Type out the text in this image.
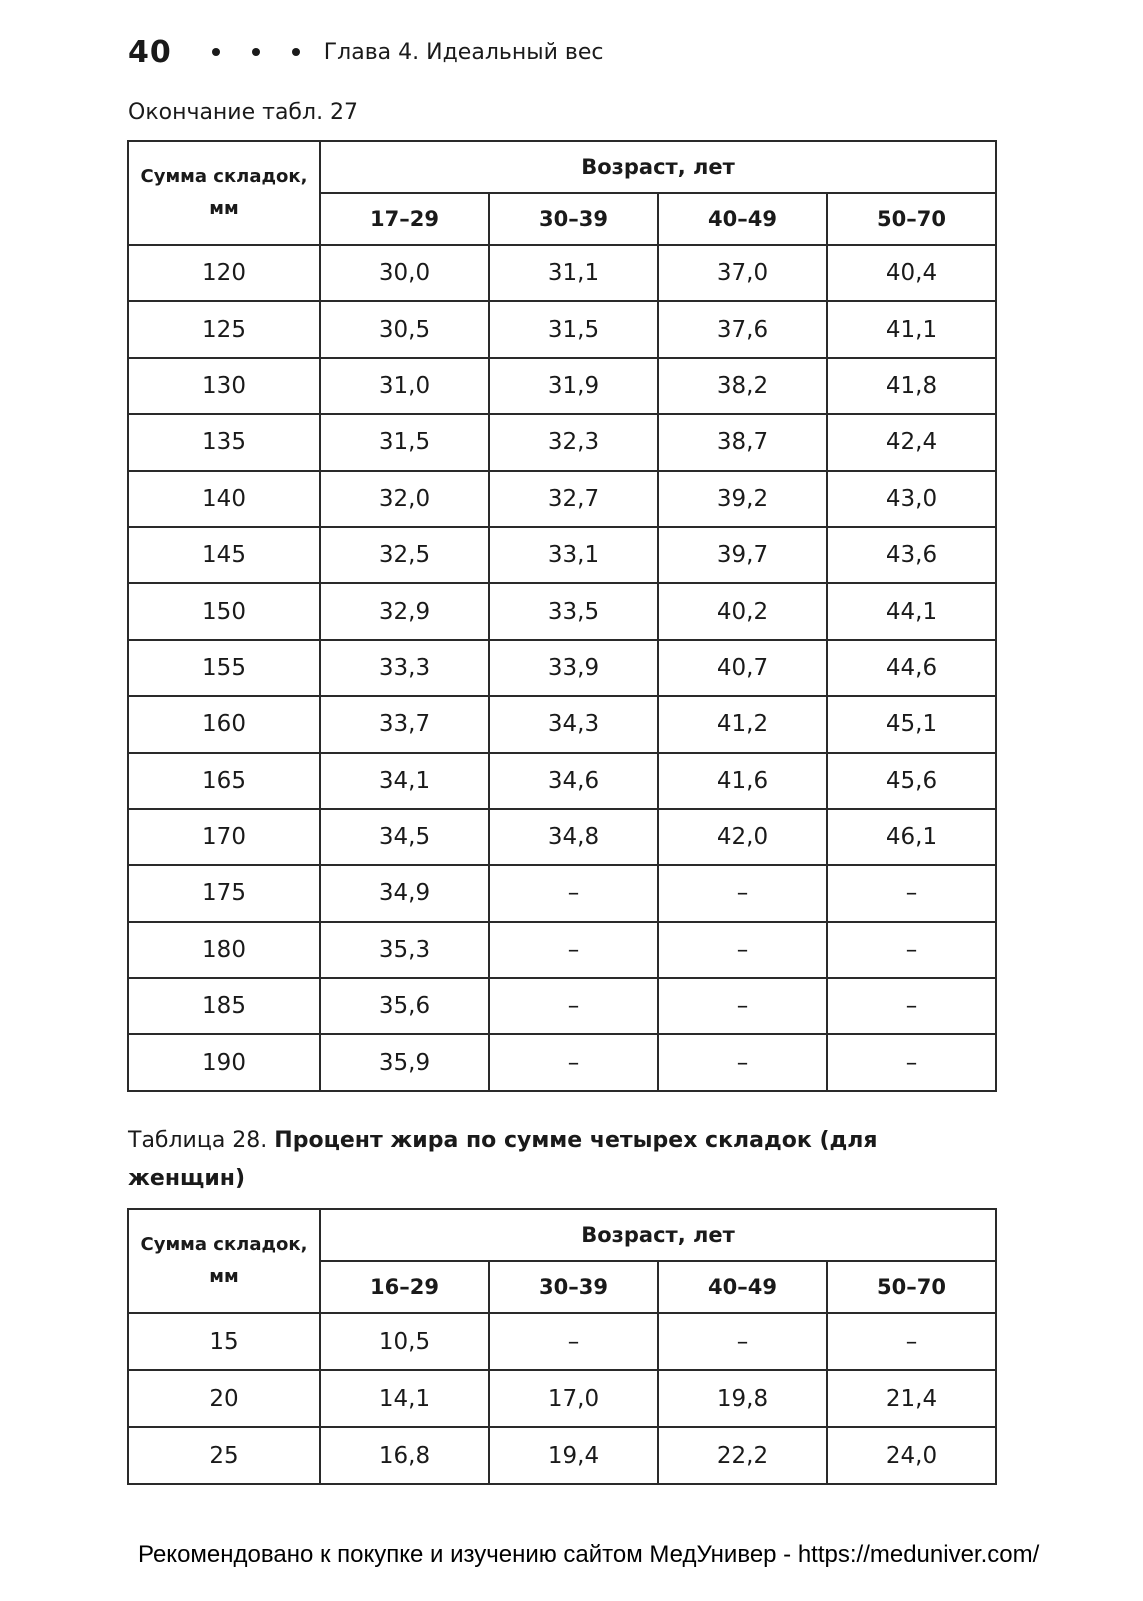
40	Глава 4. Идеальный вес
Окончание табл. 27
Сумма складок, мм	Возраст, лет			
	17–29	30–39	40–49	50–70
120	30,0	31,1	37,0	40,4
125	30,5	31,5	37,6	41,1
130	31,0	31,9	38,2	41,8
135	31,5	32,3	38,7	42,4
140	32,0	32,7	39,2	43,0
145	32,5	33,1	39,7	43,6
150	32,9	33,5	40,2	44,1
155	33,3	33,9	40,7	44,6
160	33,7	34,3	41,2	45,1
165	34,1	34,6	41,6	45,6
170	34,5	34,8	42,0	46,1
175	34,9	–	–	–
180	35,3	–	–	–
185	35,6	–	–	–
190	35,9	–	–	–
Таблица 28. Процент жира по сумме четырех складок (для женщин)
Сумма складок, мм	Возраст, лет			
	16–29	30–39	40–49	50–70
15	10,5	–	–	–
20	14,1	17,0	19,8	21,4
25	16,8	19,4	22,2	24,0
Рекомендовано к покупке и изучению сайтом МедУнивер - https://meduniver.com/
